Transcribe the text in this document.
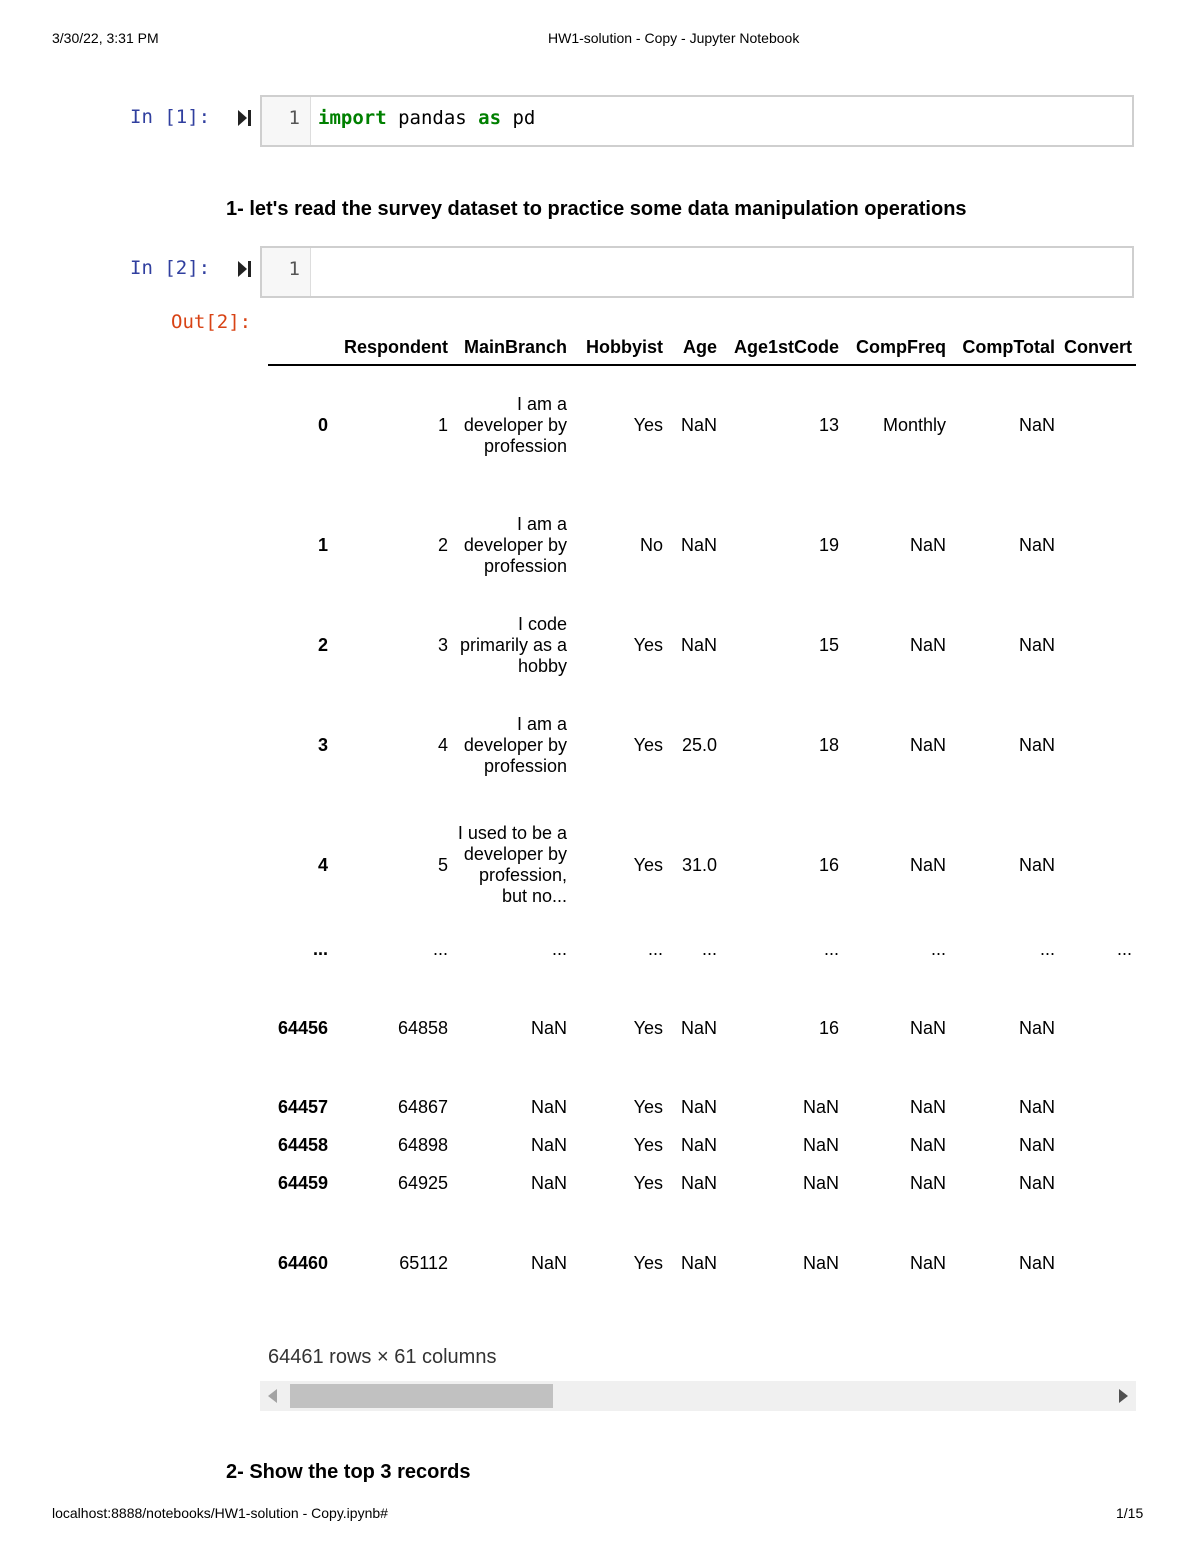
3/30/22, 3:31 PM	HW1-solution - Copy - Jupyter Notebook
localhost:8888/notebooks/HW1-solution - Copy.ipynb#	1/15
In [1]:	1 import pandas as pd
1- let's read the survey dataset to practice some data manipulation operations
In [2]:	1
Out[2]:
	Respondent	MainBranch	Hobbyist	Age	Age1stCode	CompFreq	CompTotal	Convert
0	1	I am a developer by profession	Yes	NaN	13	Monthly	NaN	
1	2	I am a developer by profession	No	NaN	19	NaN	NaN	
2	3	I code primarily as a hobby	Yes	NaN	15	NaN	NaN	
3	4	I am a developer by profession	Yes	25.0	18	NaN	NaN	
4	5	I used to be a developer by profession, but no...	Yes	31.0	16	NaN	NaN	
...	...	...	...	...	...	...	...	...
64456	64858	NaN	Yes	NaN	16	NaN	NaN	
64457	64867	NaN	Yes	NaN	NaN	NaN	NaN	
64458	64898	NaN	Yes	NaN	NaN	NaN	NaN	
64459	64925	NaN	Yes	NaN	NaN	NaN	NaN	
64460	65112	NaN	Yes	NaN	NaN	NaN	NaN	
64461 rows × 61 columns
2- Show the top 3 records
